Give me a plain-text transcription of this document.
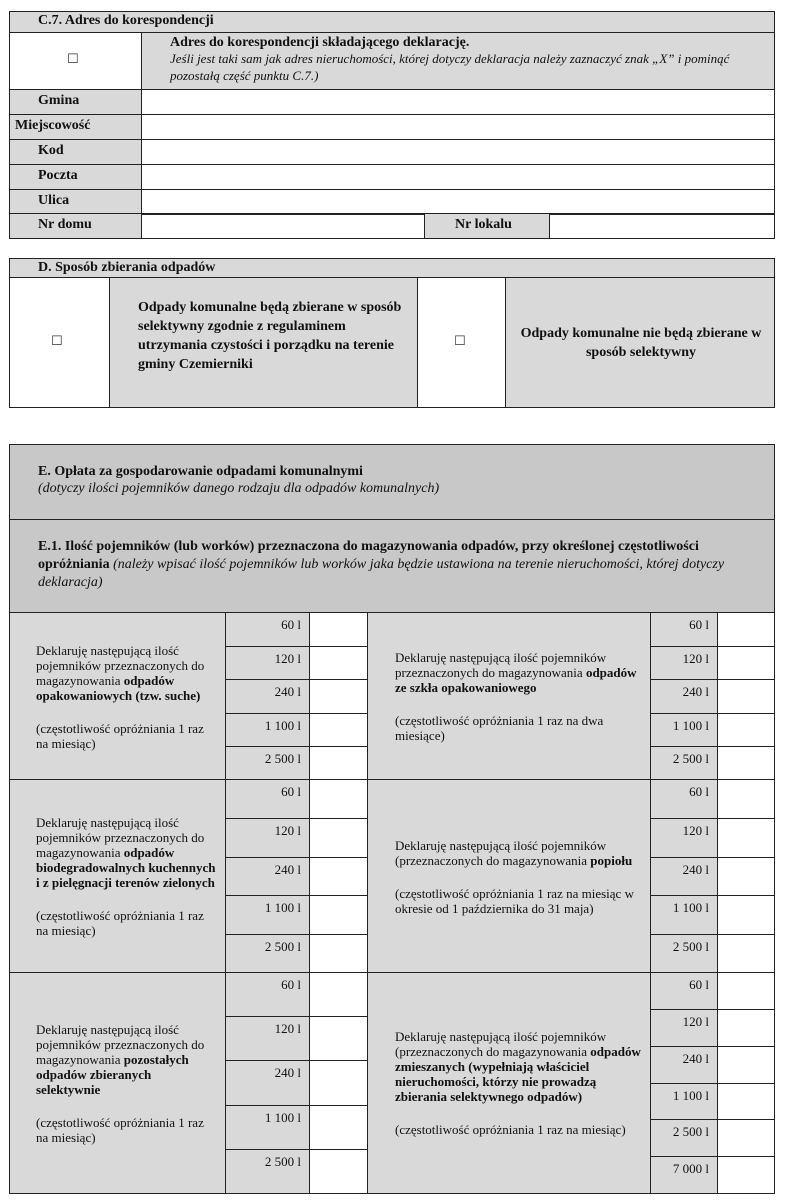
C.7. Adres do korespondencji
☐
Adres do korespondencji składającego deklarację.
Jeśli jest taki sam jak adres nieruchomości, której dotyczy deklaracja należy zaznaczyć znak „X” i pominąć pozostałą część punktu C.7.)
Gmina
Miejscowość
Kod
Poczta
Ulica
Nr domu	Nr lokalu
D. Sposób zbierania odpadów
☐
Odpady komunalne będą zbierane w sposób selektywny zgodnie z regulaminem utrzymania czystości i porządku na terenie gminy Czemierniki
☐
Odpady komunalne nie będą zbierane w sposób selektywny
E. Opłata za gospodarowanie odpadami komunalnymi
(dotyczy ilości pojemników danego rodzaju dla odpadów komunalnych)
E.1. Ilość pojemników (lub worków) przeznaczona do magazynowania odpadów, przy określonej częstotliwości opróżniania (należy wpisać ilość pojemników lub worków jaka będzie ustawiona na terenie nieruchomości, której dotyczy deklaracja)
Deklaruję następującą ilość pojemników przeznaczonych do magazynowania odpadów opakowaniowych (tzw. suche)
(częstotliwość opróżniania 1 raz na miesiąc)
60 l
120 l
240 l
1 100 l
2 500 l
Deklaruję następującą ilość pojemników przeznaczonych do magazynowania odpadów ze szkła opakowaniowego
(częstotliwość opróżniania 1 raz na dwa miesiące)
60 l
120 l
240 l
1 100 l
2 500 l
Deklaruję następującą ilość pojemników przeznaczonych do magazynowania odpadów biodegradowalnych kuchennych i z pielęgnacji terenów zielonych
(częstotliwość opróżniania 1 raz na miesiąc)
60 l
120 l
240 l
1 100 l
2 500 l
Deklaruję następującą ilość pojemników (przeznaczonych do magazynowania popiołu
(częstotliwość opróżniania 1 raz na miesiąc w okresie od 1 października do 31 maja)
60 l
120 l
240 l
1 100 l
2 500 l
Deklaruję następującą ilość pojemników przeznaczonych do magazynowania pozostałych odpadów zbieranych selektywnie
(częstotliwość opróżniania 1 raz na miesiąc)
60 l
120 l
240 l
1 100 l
2 500 l
Deklaruję następującą ilość pojemników (przeznaczonych do magazynowania odpadów zmieszanych (wypełniają właściciel nieruchomości, którzy nie prowadzą zbierania selektywnego odpadów)
(częstotliwość opróżniania 1 raz na miesiąc)
60 l
120 l
240 l
1 100 l
2 500 l
7 000 l
